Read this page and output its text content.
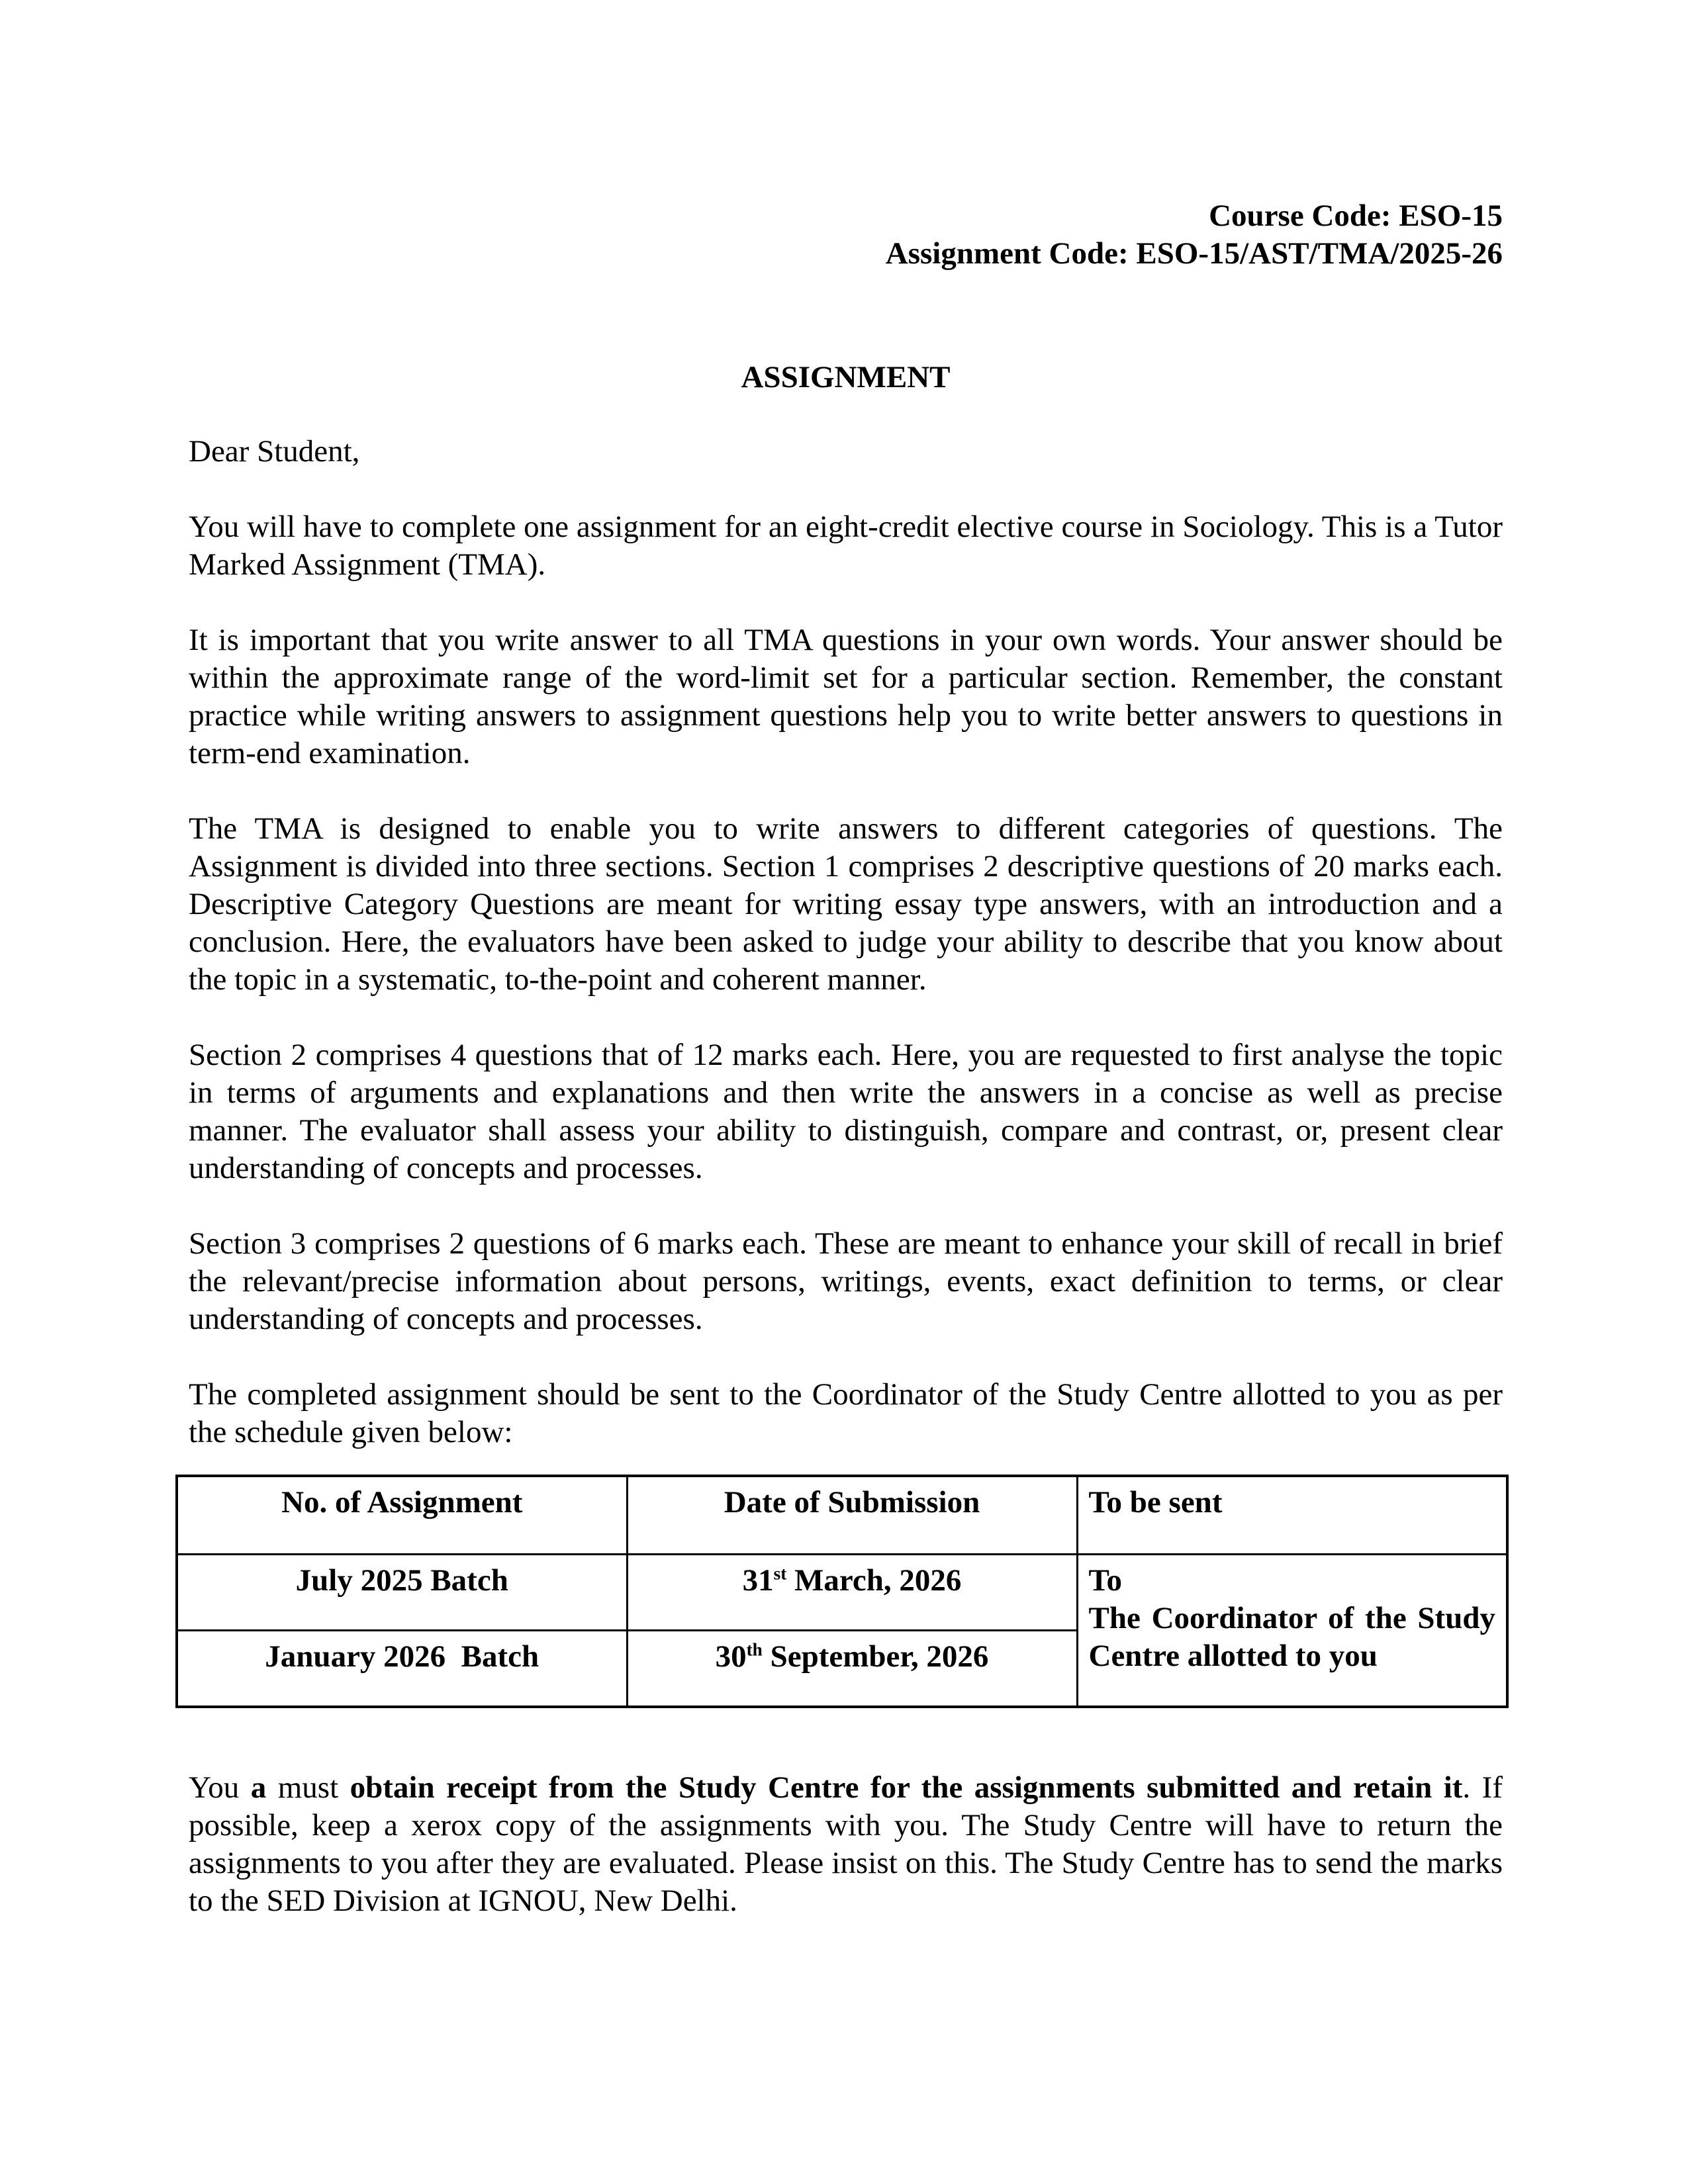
Course Code: ESO-15
Assignment Code: ESO-15/AST/TMA/2025-26
ASSIGNMENT
Dear Student,

You will have to complete one assignment for an eight-credit elective course in Sociology. This is a Tutor Marked Assignment (TMA).

It is important that you write answer to all TMA questions in your own words. Your answer should be within the approximate range of the word-limit set for a particular section. Remember, the constant practice while writing answers to assignment questions help you to write better answers to questions in term-end examination.

The TMA is designed to enable you to write answers to different categories of questions. The Assignment is divided into three sections. Section 1 comprises 2 descriptive questions of 20 marks each. Descriptive Category Questions are meant for writing essay type answers, with an introduction and a conclusion. Here, the evaluators have been asked to judge your ability to describe that you know about the topic in a systematic, to-the-point and coherent manner.

Section 2 comprises 4 questions that of 12 marks each. Here, you are requested to first analyse the topic in terms of arguments and explanations and then write the answers in a concise as well as precise manner. The evaluator shall assess your ability to distinguish, compare and contrast, or, present clear understanding of concepts and processes.

Section 3 comprises 2 questions of 6 marks each. These are meant to enhance your skill of recall in brief the relevant/precise information about persons, writings, events, exact definition to terms, or clear understanding of concepts and processes.

The completed assignment should be sent to the Coordinator of the Study Centre allotted to you as per the schedule given below:

No. of Assignment	Date of Submission	To be sent
July 2025 Batch	31st March, 2026	To
The Coordinator of the Study Centre allotted to you

January 2026  Batch	30th September, 2026	

You a must obtain receipt from the Study Centre for the assignments submitted and retain it. If possible, keep a xerox copy of the assignments with you. The Study Centre will have to return the assignments to you after they are evaluated. Please insist on this. The Study Centre has to send the marks to the SED Division at IGNOU, New Delhi.
